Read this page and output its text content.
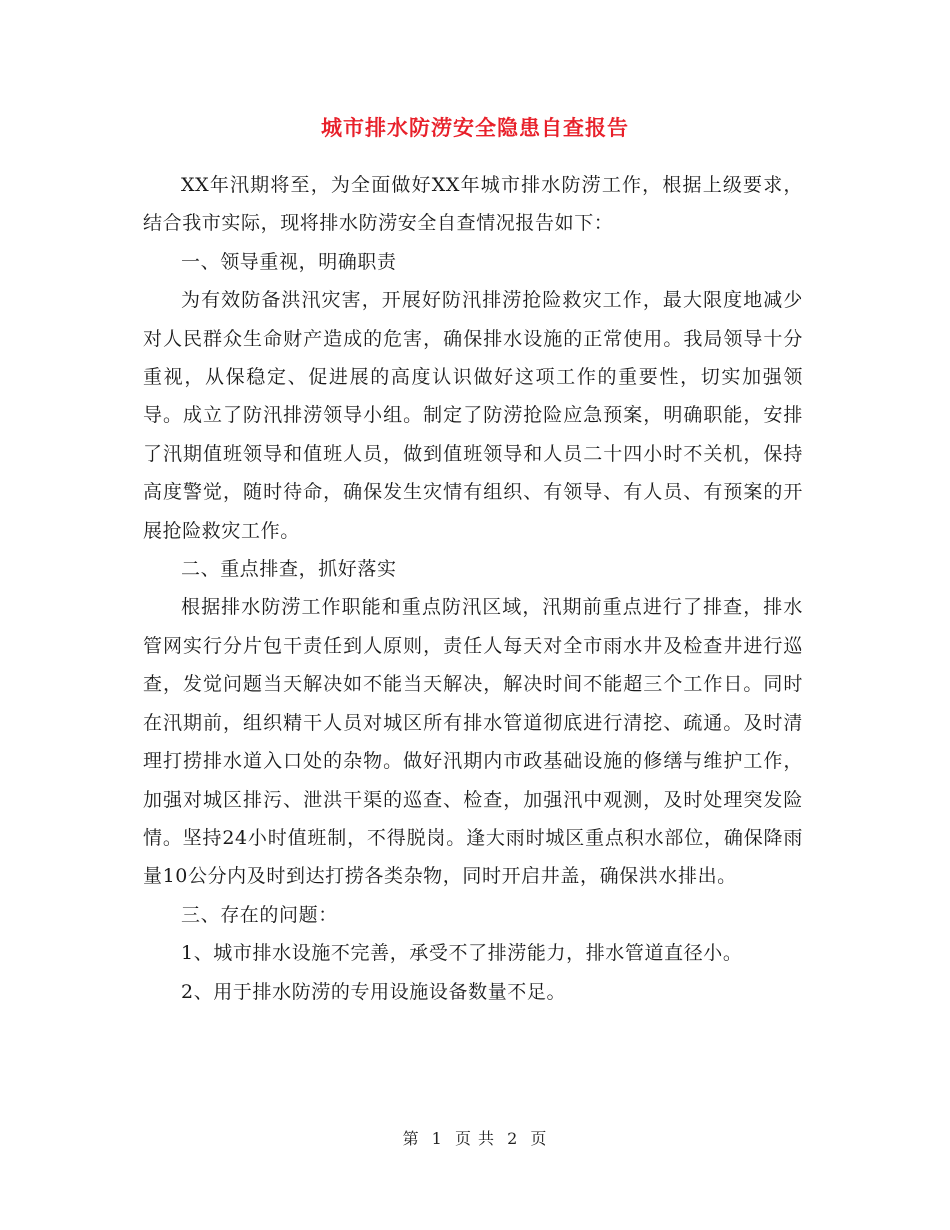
城市排水防涝安全隐患自查报告

XX年汛期将至，为全面做好XX年城市排水防涝工作，根据上级要求，结合我市实际，现将排水防涝安全自查情况报告如下：

一、领导重视，明确职责

为有效防备洪汛灾害，开展好防汛排涝抢险救灾工作，最大限度地减少对人民群众生命财产造成的危害，确保排水设施的正常使用。我局领导十分重视，从保稳定、促进展的高度认识做好这项工作的重要性，切实加强领导。成立了防汛排涝领导小组。制定了防涝抢险应急预案，明确职能，安排了汛期值班领导和值班人员，做到值班领导和人员二十四小时不关机，保持高度警觉，随时待命，确保发生灾情有组织、有领导、有人员、有预案的开展抢险救灾工作。

二、重点排查，抓好落实

根据排水防涝工作职能和重点防汛区域，汛期前重点进行了排查，排水管网实行分片包干责任到人原则，责任人每天对全市雨水井及检查井进行巡查，发觉问题当天解决如不能当天解决，解决时间不能超三个工作日。同时在汛期前，组织精干人员对城区所有排水管道彻底进行清挖、疏通。及时清理打捞排水道入口处的杂物。做好汛期内市政基础设施的修缮与维护工作，加强对城区排污、泄洪干渠的巡查、检查，加强汛中观测，及时处理突发险情。坚持24小时值班制，不得脱岗。逢大雨时城区重点积水部位，确保降雨量10公分内及时到达打捞各类杂物，同时开启井盖，确保洪水排出。

三、存在的问题：

1、城市排水设施不完善，承受不了排涝能力，排水管道直径小。

2、用于排水防涝的专用设施设备数量不足。

第 1 页 共 2 页
